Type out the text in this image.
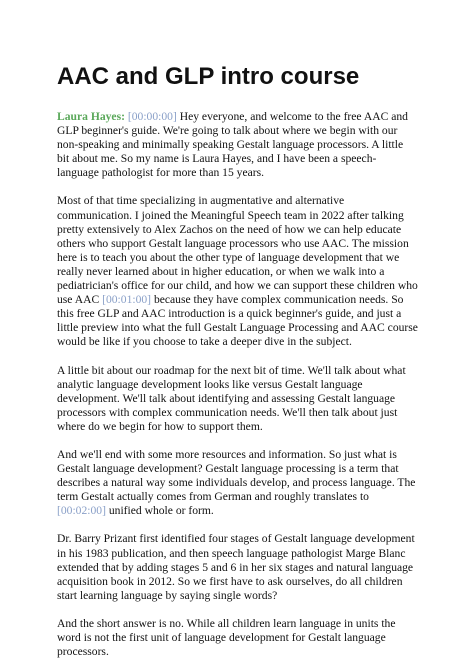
AAC and GLP intro course

Laura Hayes: [00:00:00] Hey everyone, and welcome to the free AAC and GLP beginner's guide. We're going to talk about where we begin with our non-speaking and minimally speaking Gestalt language processors. A little bit about me. So my name is Laura Hayes, and I have been a speech-language pathologist for more than 15 years.

Most of that time specializing in augmentative and alternative communication. I joined the Meaningful Speech team in 2022 after talking pretty extensively to Alex Zachos on the need of how we can help educate others who support Gestalt language processors who use AAC. The mission here is to teach you about the other type of language development that we really never learned about in higher education, or when we walk into a pediatrician's office for our child, and how we can support these children who use AAC [00:01:00] because they have complex communication needs. So this free GLP and AAC introduction is a quick beginner's guide, and just a little preview into what the full Gestalt Language Processing and AAC course would be like if you choose to take a deeper dive in the subject.

A little bit about our roadmap for the next bit of time. We'll talk about what analytic language development looks like versus Gestalt language development. We'll talk about identifying and assessing Gestalt language processors with complex communication needs. We'll then talk about just where do we begin for how to support them.

And we'll end with some more resources and information. So just what is Gestalt language development? Gestalt language processing is a term that describes a natural way some individuals develop, and process language. The term Gestalt actually comes from German and roughly translates to [00:02:00] unified whole or form.

Dr. Barry Prizant first identified four stages of Gestalt language development in his 1983 publication, and then speech language pathologist Marge Blanc extended that by adding stages 5 and 6 in her six stages and natural language acquisition book in 2012. So we first have to ask ourselves, do all children start learning language by saying single words?

And the short answer is no. While all children learn language in units the word is not the first unit of language development for Gestalt language processors.
